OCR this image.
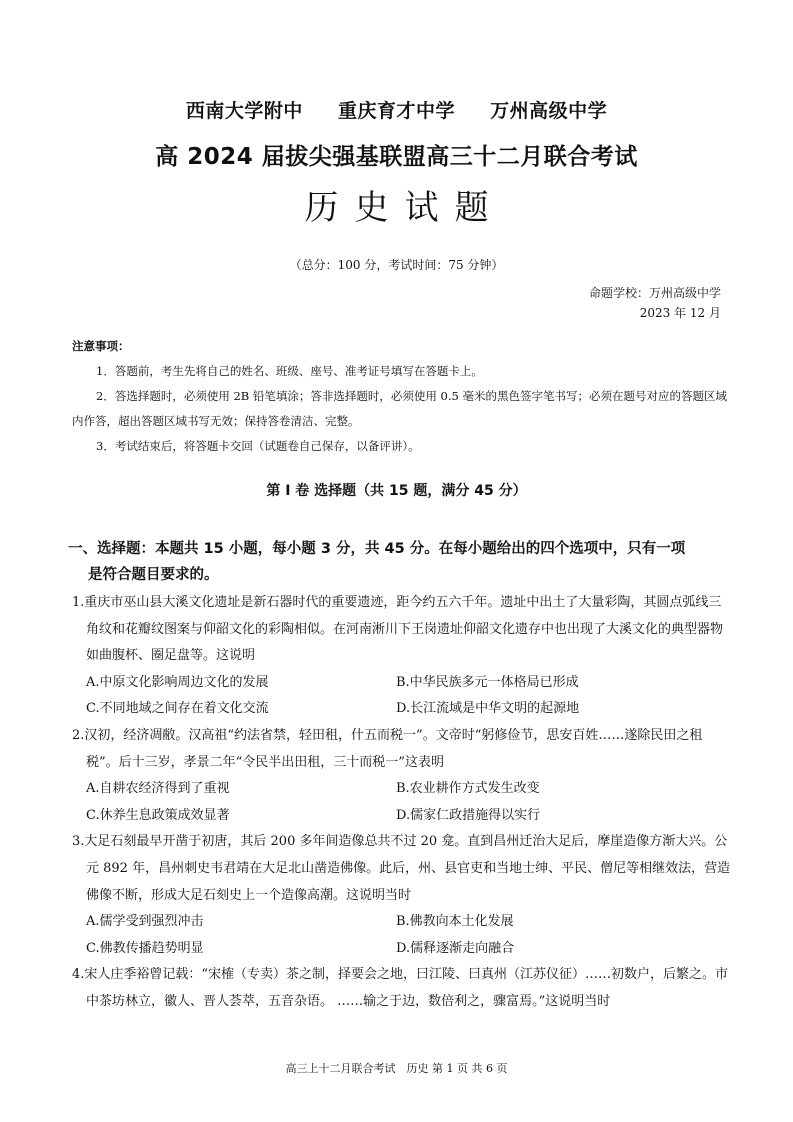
西南大学附中 重庆育才中学 万州高级中学
高 2024 届拔尖强基联盟高三十二月联合考试
历史试题
（总分：100 分，考试时间：75 分钟）
命题学校：万州高级中学
2023 年 12 月
注意事项：
1．答题前，考生先将自己的姓名、班级、座号、准考证号填写在答题卡上。
2．答选择题时，必须使用 2B 铅笔填涂；答非选择题时，必须使用 0.5 毫米的黑色签字笔书写；必须在题号对应的答题区域内作答，超出答题区域书写无效；保持答卷清洁、完整。
3．考试结束后，将答题卡交回（试题卷自己保存，以备评讲）。
第 I 卷 选择题（共 15 题，满分 45 分）
一、选择题：本题共 15 小题，每小题 3 分，共 45 分。在每小题给出的四个选项中，只有一项
是符合题目要求的。
1.重庆市巫山县大溪文化遗址是新石器时代的重要遗迹，距今约五六千年。遗址中出土了大量彩陶，其圆点弧线三角纹和花瓣纹图案与仰韶文化的彩陶相似。在河南淅川下王岗遗址仰韶文化遗存中也出现了大溪文化的典型器物如曲腹杯、圈足盘等。这说明
A.中原文化影响周边文化的发展	B.中华民族多元一体格局已形成
C.不同地域之间存在着文化交流	D.长江流域是中华文明的起源地
2.汉初，经济凋敝。汉高祖“约法省禁，轻田租，什五而税一”。文帝时“躬修俭节，思安百姓……遂除民田之租税”。后十三岁，孝景二年“令民半出田租，三十而税一”这表明
A.自耕农经济得到了重视	B.农业耕作方式发生改变
C.休养生息政策成效显著	D.儒家仁政措施得以实行
3.大足石刻最早开凿于初唐，其后 200 多年间造像总共不过 20 龛。直到昌州迁治大足后，摩崖造像方渐大兴。公元 892 年，昌州刺史韦君靖在大足北山凿造佛像。此后，州、县官吏和当地士绅、平民、僧尼等相继效法，营造佛像不断，形成大足石刻史上一个造像高潮。这说明当时
A.儒学受到强烈冲击	B.佛教向本土化发展
C.佛教传播趋势明显	D.儒释逐渐走向融合
4.宋人庄季裕曾记载：“宋榷（专卖）茶之制，择要会之地，曰江陵、曰真州（江苏仪征）……初数户，后繁之。市中茶坊林立，徽人、晋人荟萃，五音杂语。 ……输之于边，数倍利之，骤富焉。”这说明当时
高三上十二月联合考试　历史 第 1 页 共 6 页
